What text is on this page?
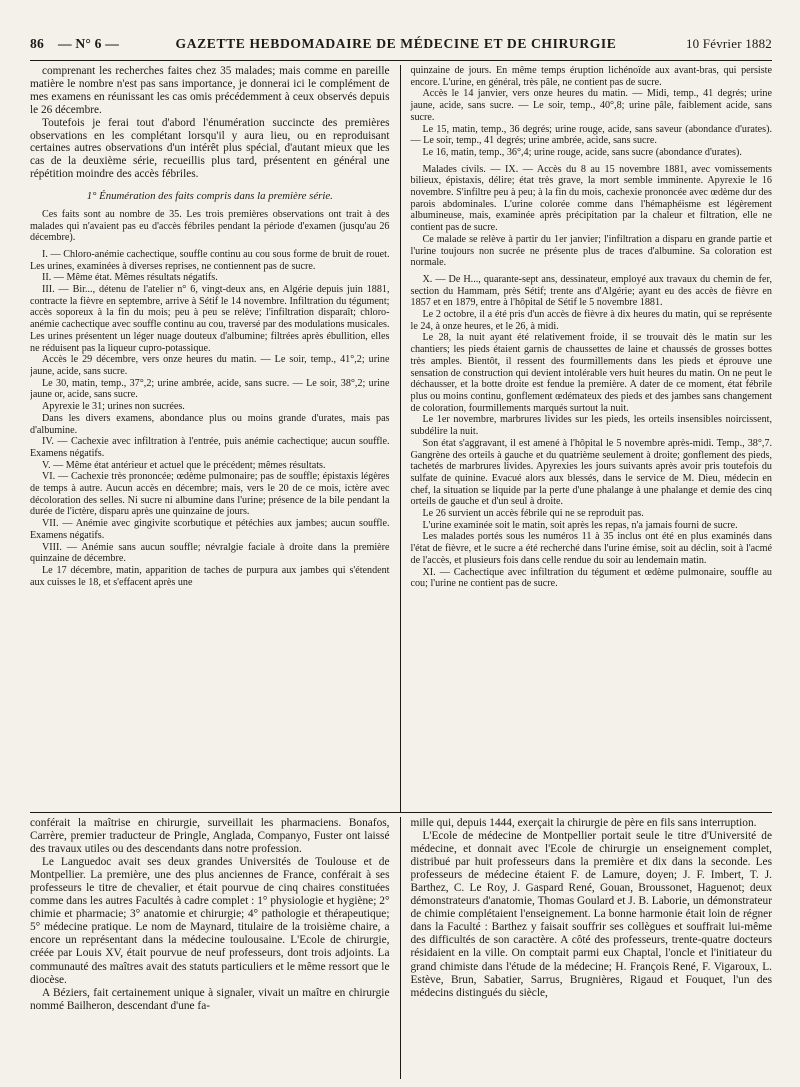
86	— N° 6 —	GAZETTE HEBDOMADAIRE DE MÉDECINE ET DE CHIRURGIE	10 Février 1882

comprenant les recherches faites chez 35 malades; mais comme en pareille matière le nombre n'est pas sans importance, je donnerai ici le complément de mes examens en réunissant les cas omis précédemment à ceux observés depuis le 26 décembre.

Toutefois je ferai tout d'abord l'énumération succincte des premières observations en les complétant lorsqu'il y aura lieu, ou en reproduisant certaines autres observations d'un intérêt plus spécial, d'autant mieux que les cas de la deuxième série, recueillis plus tard, présentent en général une répétition moindre des accès fébriles.

1° Énumération des faits compris dans la première série.

Ces faits sont au nombre de 35. Les trois premières observations ont trait à des malades qui n'avaient pas eu d'accès fébriles pendant la période d'examen (jusqu'au 26 décembre).

I. — Chloro-anémie cachectique, souffle continu au cou sous forme de bruit de rouet. Les urines, examinées à diverses reprises, ne contiennent pas de sucre.

II. — Même état. Mêmes résultats négatifs.

III. — Bir..., détenu de l'atelier n° 6, vingt-deux ans, en Algérie depuis juin 1881, contracte la fièvre en septembre, arrive à Sétif le 14 novembre. Infiltration du tégument; accès soporeux à la fin du mois; peu à peu se relève; l'infiltration disparaît; chloro-anémie cachectique avec souffle continu au cou, traversé par des modulations musicales. Les urines présentent un léger nuage douteux d'albumine; filtrées après ébullition, elles ne réduisent pas la liqueur cupro-potassique.

Accès le 29 décembre, vers onze heures du matin. — Le soir, temp., 41°,2; urine jaune, acide, sans sucre.

Le 30, matin, temp., 37°,2; urine ambrée, acide, sans sucre. — Le soir, 38°,2; urine jaune or, acide, sans sucre.

Apyrexie le 31; urines non sucrées.

Dans les divers examens, abondance plus ou moins grande d'urates, mais pas d'albumine.

IV. — Cachexie avec infiltration à l'entrée, puis anémie cachectique; aucun souffle. Examens négatifs.

V. — Même état antérieur et actuel que le précédent; mêmes résultats.

VI. — Cachexie très prononcée; œdème pulmonaire; pas de souffle; épistaxis légères de temps à autre. Aucun accès en décembre; mais, vers le 20 de ce mois, ictère avec décoloration des selles. Ni sucre ni albumine dans l'urine; présence de la bile pendant la durée de l'ictère, disparu après une quinzaine de jours.

VII. — Anémie avec gingivite scorbutique et pétéchies aux jambes; aucun souffle. Examens négatifs.

VIII. — Anémie sans aucun souffle; névralgie faciale à droite dans la première quinzaine de décembre.

Le 17 décembre, matin, apparition de taches de purpura aux jambes qui s'étendent aux cuisses le 18, et s'effacent après une

quinzaine de jours. En même temps éruption lichénoïde aux avant-bras, qui persiste encore. L'urine, en général, très pâle, ne contient pas de sucre.

Accès le 14 janvier, vers onze heures du matin. — Midi, temp., 41 degrés; urine jaune, acide, sans sucre. — Le soir, temp., 40°,8; urine pâle, faiblement acide, sans sucre.

Le 15, matin, temp., 36 degrés; urine rouge, acide, sans saveur (abondance d'urates). — Le soir, temp., 41 degrés; urine ambrée, acide, sans sucre.

Le 16, matin, temp., 36°,4; urine rouge, acide, sans sucre (abondance d'urates).

Malades civils. — IX. — Accès du 8 au 15 novembre 1881, avec vomissements bilieux, épistaxis, délire; état très grave, la mort semble imminente. Apyrexie le 16 novembre. S'infiltre peu à peu; à la fin du mois, cachexie prononcée avec œdème dur des parois abdominales. L'urine colorée comme dans l'hémaphéisme est légèrement albumineuse, mais, examinée après précipitation par la chaleur et filtration, elle ne contient pas de sucre.

Ce malade se relève à partir du 1er janvier; l'infiltration a disparu en grande partie et l'urine toujours non sucrée ne présente plus de traces d'albumine. Sa coloration est normale.

X. — De H..., quarante-sept ans, dessinateur, employé aux travaux du chemin de fer, section du Hammam, près Sétif; trente ans d'Algérie; ayant eu des accès de fièvre en 1857 et en 1879, entre à l'hôpital de Sétif le 5 novembre 1881.

Le 2 octobre, il a été pris d'un accès de fièvre à dix heures du matin, qui se représente le 24, à onze heures, et le 26, à midi.

Le 28, la nuit ayant été relativement froide, il se trouvait dès le matin sur les chantiers; les pieds étaient garnis de chaussettes de laine et chaussés de grosses bottes très amples. Bientôt, il ressent des fourmillements dans les pieds et éprouve une sensation de construction qui devient intolérable vers huit heures du matin. On ne peut le déchausser, et la botte droite est fendue la première. A dater de ce moment, état fébrile plus ou moins continu, gonflement œdémateux des pieds et des jambes sans changement de coloration, fourmillements marqués surtout la nuit.

Le 1er novembre, marbrures livides sur les pieds, les orteils insensibles noircissent, subdélire la nuit.

Son état s'aggravant, il est amené à l'hôpital le 5 novembre après-midi. Temp., 38°,7. Gangrène des orteils à gauche et du quatrième seulement à droite; gonflement des pieds, tachetés de marbrures livides. Apyrexies les jours suivants après avoir pris toutefois du sulfate de quinine. Evacué alors aux blessés, dans le service de M. Dieu, médecin en chef, la situation se liquide par la perte d'une phalange à une phalange et demie des cinq orteils de gauche et d'un seul à droite.

Le 26 survient un accès fébrile qui ne se reproduit pas.

L'urine examinée soit le matin, soit après les repas, n'a jamais fourni de sucre.

Les malades portés sous les numéros 11 à 35 inclus ont été en plus examinés dans l'état de fièvre, et le sucre a été recherché dans l'urine émise, soit au déclin, soit à l'acmé de l'accès, et plusieurs fois dans celle rendue du soir au lendemain matin.

XI. — Cachectique avec infiltration du tégument et œdème pulmonaire, souffle au cou; l'urine ne contient pas de sucre.

conférait la maîtrise en chirurgie, surveillait les pharmaciens. Bonafos, Carrère, premier traducteur de Pringle, Anglada, Companyo, Fuster ont laissé des travaux utiles ou des descendants dans notre profession.

Le Languedoc avait ses deux grandes Universités de Toulouse et de Montpellier. La première, une des plus anciennes de France, conférait à ses professeurs le titre de chevalier, et était pourvue de cinq chaires constituées comme dans les autres Facultés à cadre complet : 1° physiologie et hygiène; 2° chimie et pharmacie; 3° anatomie et chirurgie; 4° pathologie et thérapeutique; 5° médecine pratique. Le nom de Maynard, titulaire de la troisième chaire, a encore un représentant dans la médecine toulousaine. L'Ecole de chirurgie, créée par Louis XV, était pourvue de neuf professeurs, dont trois adjoints. La communauté des maîtres avait des statuts particuliers et le même ressort que le diocèse.

A Béziers, fait certainement unique à signaler, vivait un maître en chirurgie nommé Bailheron, descendant d'une fa-

mille qui, depuis 1444, exerçait la chirurgie de père en fils sans interruption.

L'Ecole de médecine de Montpellier portait seule le titre d'Université de médecine, et donnait avec l'Ecole de chirurgie un enseignement complet, distribué par huit professeurs dans la première et dix dans la seconde. Les professeurs de médecine étaient F. de Lamure, doyen; J. F. Imbert, T. J. Barthez, C. Le Roy, J. Gaspard René, Gouan, Broussonet, Haguenot; deux démonstrateurs d'anatomie, Thomas Goulard et J. B. Laborie, un démonstrateur de chimie complétaient l'enseignement. La bonne harmonie était loin de régner dans la Faculté : Barthez y faisait souffrir ses collègues et souffrait lui-même des difficultés de son caractère. A côté des professeurs, trente-quatre docteurs résidaient en la ville. On comptait parmi eux Chaptal, l'oncle et l'initiateur du grand chimiste dans l'étude de la médecine; H. François René, F. Vigaroux, L. Estève, Brun, Sabatier, Sarrus, Brugnières, Rigaud et Fouquet, l'un des médecins distingués du siècle,
